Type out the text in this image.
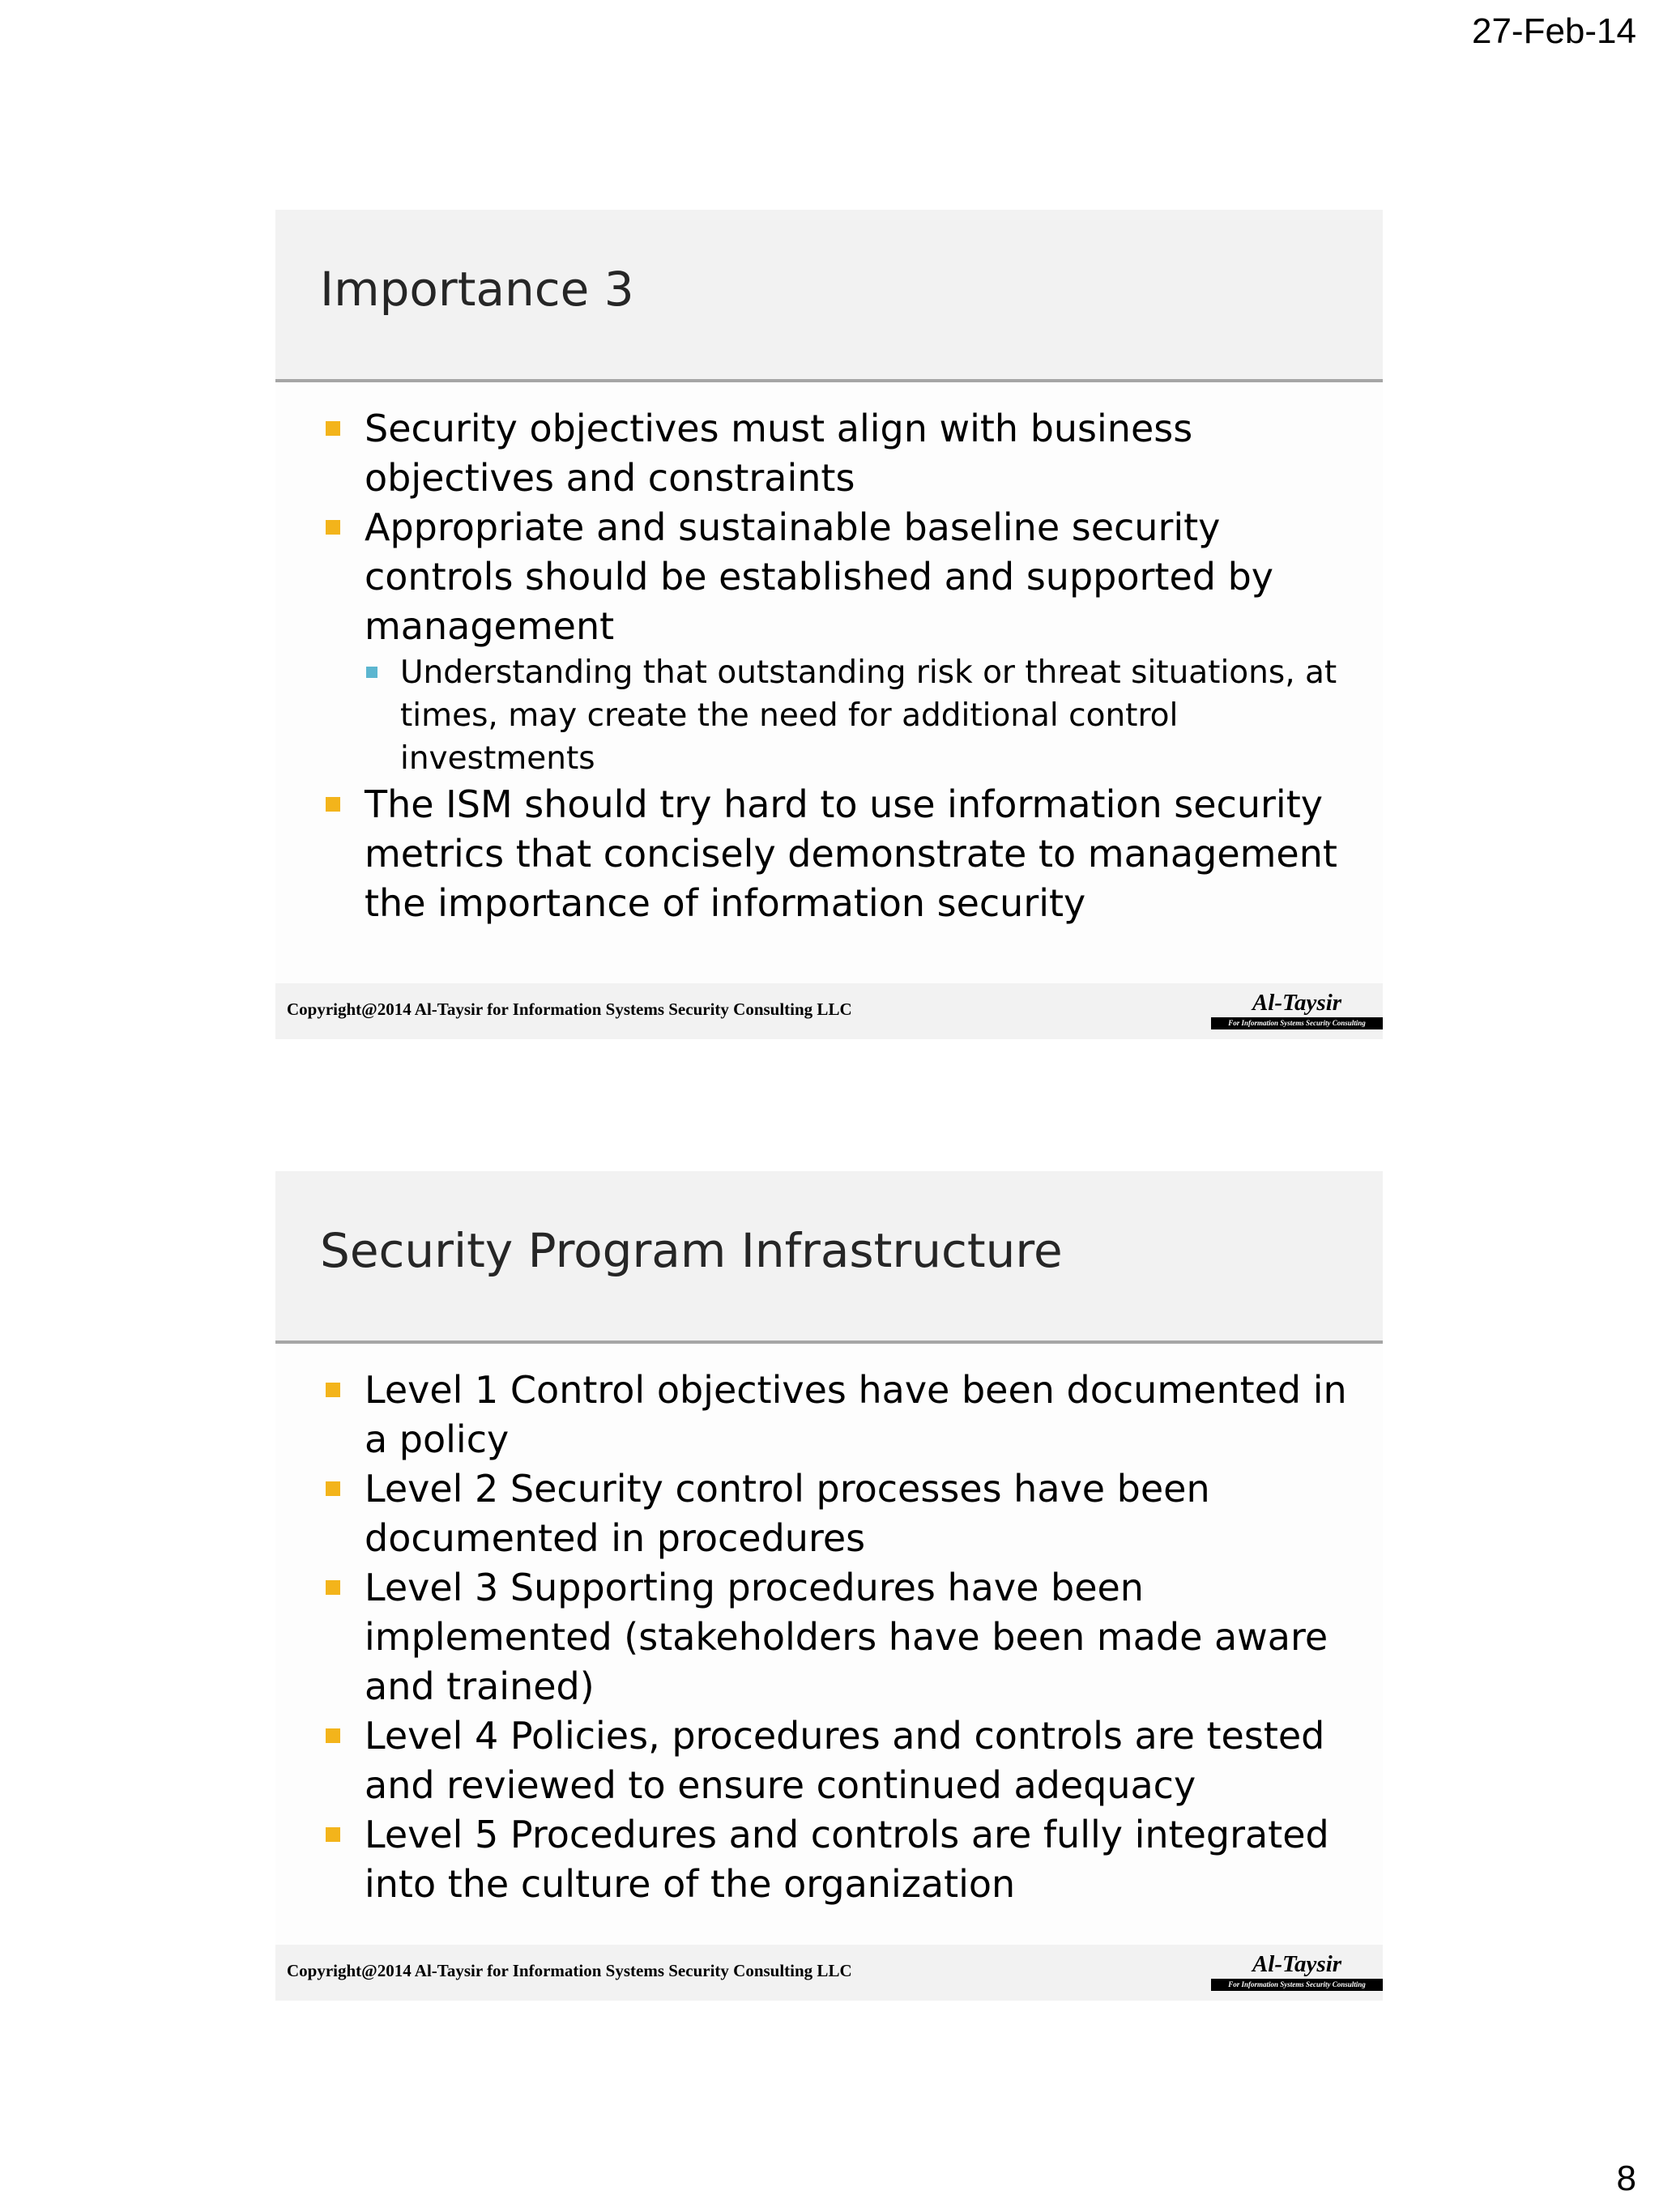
27-Feb-14
Importance 3
Security objectives must align with business objectives and constraints
Appropriate and sustainable baseline security controls should be established and supported by management
Understanding that outstanding risk or threat situations, at times, may create the need for additional control investments
The ISM should try hard to use information security metrics that concisely demonstrate to management the importance of information security
Copyright@2014 Al-Taysir for Information Systems Security Consulting LLC	Al-Taysir
For Information Systems Security Consulting
Security Program Infrastructure
Level 1 Control objectives have been documented in a policy
Level 2 Security control processes have been documented in procedures
Level 3 Supporting procedures have been implemented (stakeholders have been made aware and trained)
Level 4 Policies, procedures and controls are tested and reviewed to ensure continued adequacy
Level 5 Procedures and controls are fully integrated into the culture of the organization
Copyright@2014 Al-Taysir for Information Systems Security Consulting LLC	Al-Taysir
For Information Systems Security Consulting
8
